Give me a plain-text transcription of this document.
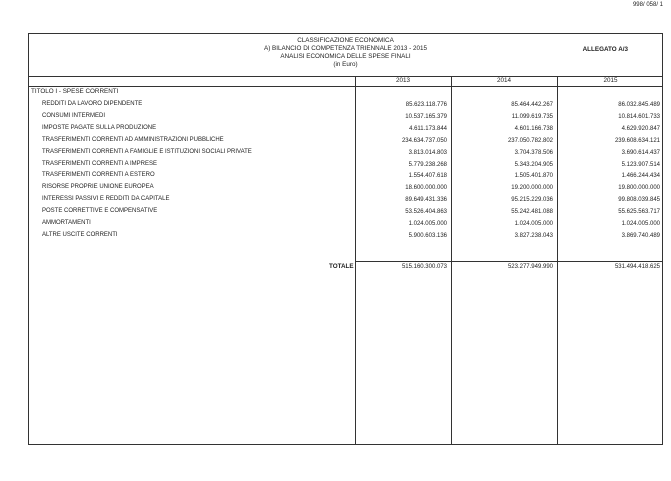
998/ 058/ 1
CLASSIFICAZIONE ECONOMICA
A) BILANCIO DI COMPETENZA TRIENNALE 2013 - 2015
ANALISI ECONOMICA DELLE SPESE FINALI
(in Euro)
ALLEGATO A/3
2013	2014	2015
TITOLO I - SPESE CORRENTI
REDDITI DA LAVORO DIPENDENTE	85.623.118.776	85.464.442.267	86.032.845.489
CONSUMI INTERMEDI	10.537.165.379	11.099.619.735	10.814.601.733
IMPOSTE PAGATE SULLA PRODUZIONE	4.611.173.844	4.601.166.738	4.629.920.847
TRASFERIMENTI CORRENTI AD AMMINISTRAZIONI PUBBLICHE	234.634.737.050	237.050.782.802	239.608.634.121
TRASFERIMENTI CORRENTI A FAMIGLIE E ISTITUZIONI SOCIALI PRIVATE	3.813.014.803	3.704.378.506	3.690.614.437
TRASFERIMENTI CORRENTI A IMPRESE	5.779.238.268	5.343.204.905	5.123.907.514
TRASFERIMENTI CORRENTI A ESTERO	1.554.407.618	1.505.401.870	1.466.244.434
RISORSE PROPRIE UNIONE EUROPEA	18.600.000.000	19.200.000.000	19.800.000.000
INTERESSI PASSIVI E REDDITI DA CAPITALE	89.649.431.336	95.215.229.036	99.808.039.845
POSTE CORRETTIVE E COMPENSATIVE	53.526.404.863	55.242.481.088	55.625.563.717
AMMORTAMENTI	1.024.005.000	1.024.005.000	1.024.005.000
ALTRE USCITE CORRENTI	5.900.603.136	3.827.238.043	3.869.740.489
TOTALE	515.160.300.073	523.277.949.990	531.494.418.625
